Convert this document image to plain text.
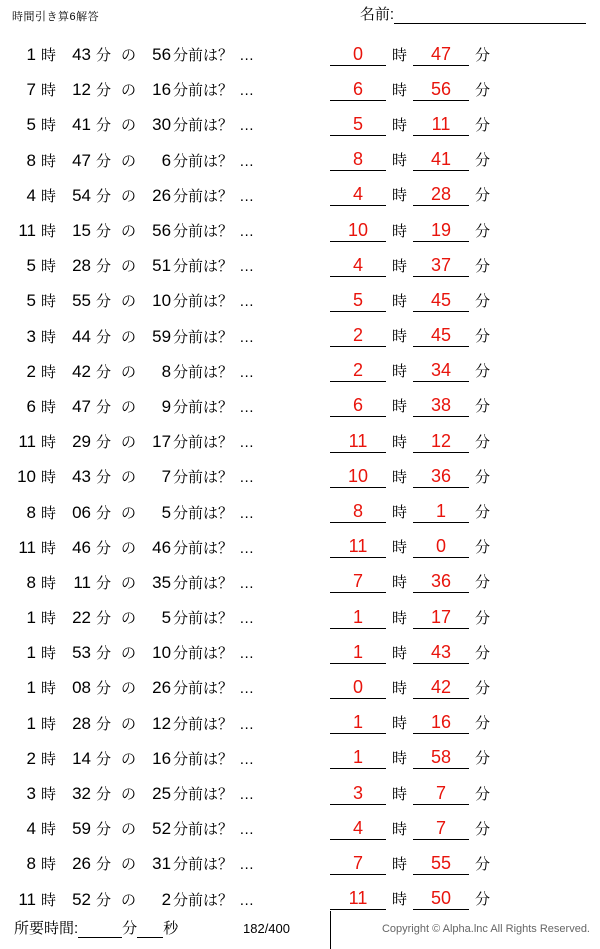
時間引き算6解答	名前:
1 時 43 分 の 56 分前は？ …	0	時	47	分
7 時 12 分 の 16 分前は？ …	6	時	56	分
5 時 41 分 の 30 分前は？ …	5	時	11	分
8 時 47 分 の	6 分前は？ …	8	時	41	分
4 時 54 分 の 26 分前は？ …	4	時	28	分
11 時 15 分 の 56 分前は？ …	10	時	19	分
5 時 28 分 の 51 分前は？ …	4	時	37	分
5 時 55 分 の 10 分前は？ …	5	時	45	分
3 時 44 分 の 59 分前は？ …	2	時	45	分
2 時 42 分 の	8 分前は？ …	2	時	34	分
6 時 47 分 の	9 分前は？ …	6	時	38	分
11 時 29 分 の 17 分前は？ …	11	時	12	分
10 時 43 分 の	7 分前は？ …	10	時	36	分
8 時 06 分 の	5 分前は？ …	8	時	1	分
11 時 46 分 の 46 分前は？ …	11	時	0	分
8 時	11 分 の 35 分前は？ …	7	時	36	分
1 時 22 分 の	5 分前は？ …	1	時	17	分
1 時 53 分 の 10 分前は？ …	1	時	43	分
1 時 08 分 の 26 分前は？ …	0	時	42	分
1 時 28 分 の 12 分前は？ …	1	時	16	分
2 時 14 分 の 16 分前は？ …	1	時	58	分
3 時 32 分 の 25 分前は？ …	3	時	7	分
4 時 59 分 の 52 分前は？ …	4	時	7	分
8 時 26 分 の 31 分前は？ …	7	時	55	分
11 時 52 分 の	2 分前は？ …	11	時	50	分
所要時間:	分 秒	182/400	Copyright © Alpha.lnc All Rights Reserved.
